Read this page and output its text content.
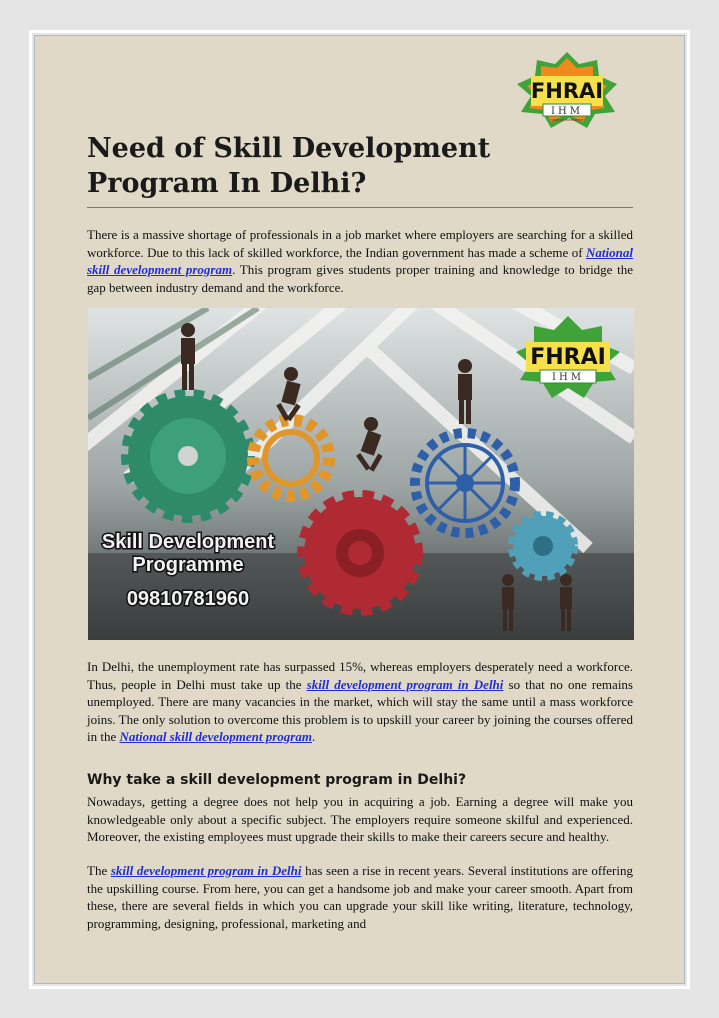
FHRAI
IHM
need of excellence
Need of Skill Development Program In Delhi?

There is a massive shortage of professionals in a job market where employers are searching for a skilled workforce. Due to this lack of skilled workforce, the Indian government has made a scheme of National skill development program. This program gives students proper training and knowledge to bridge the gap between industry demand and the workforce.

FHRAI
IHM
Skill Development
Programme
09810781960

In Delhi, the unemployment rate has surpassed 15%, whereas employers desperately need a workforce. Thus, people in Delhi must take up the skill development program in Delhi so that no one remains unemployed. There are many vacancies in the market, which will stay the same until a mass workforce joins. The only solution to overcome this problem is to upskill your career by joining the courses offered in the National skill development program.

Why take a skill development program in Delhi?

Nowadays, getting a degree does not help you in acquiring a job. Earning a degree will make you knowledgeable only about a specific subject. The employers require someone skilful and experienced. Moreover, the existing employees must upgrade their skills to make their careers secure and healthy.

The skill development program in Delhi has seen a rise in recent years. Several institutions are offering the upskilling course. From here, you can get a handsome job and make your career smooth. Apart from these, there are several fields in which you can upgrade your skill like writing, literature, technology, programming, designing, professional, marketing and
